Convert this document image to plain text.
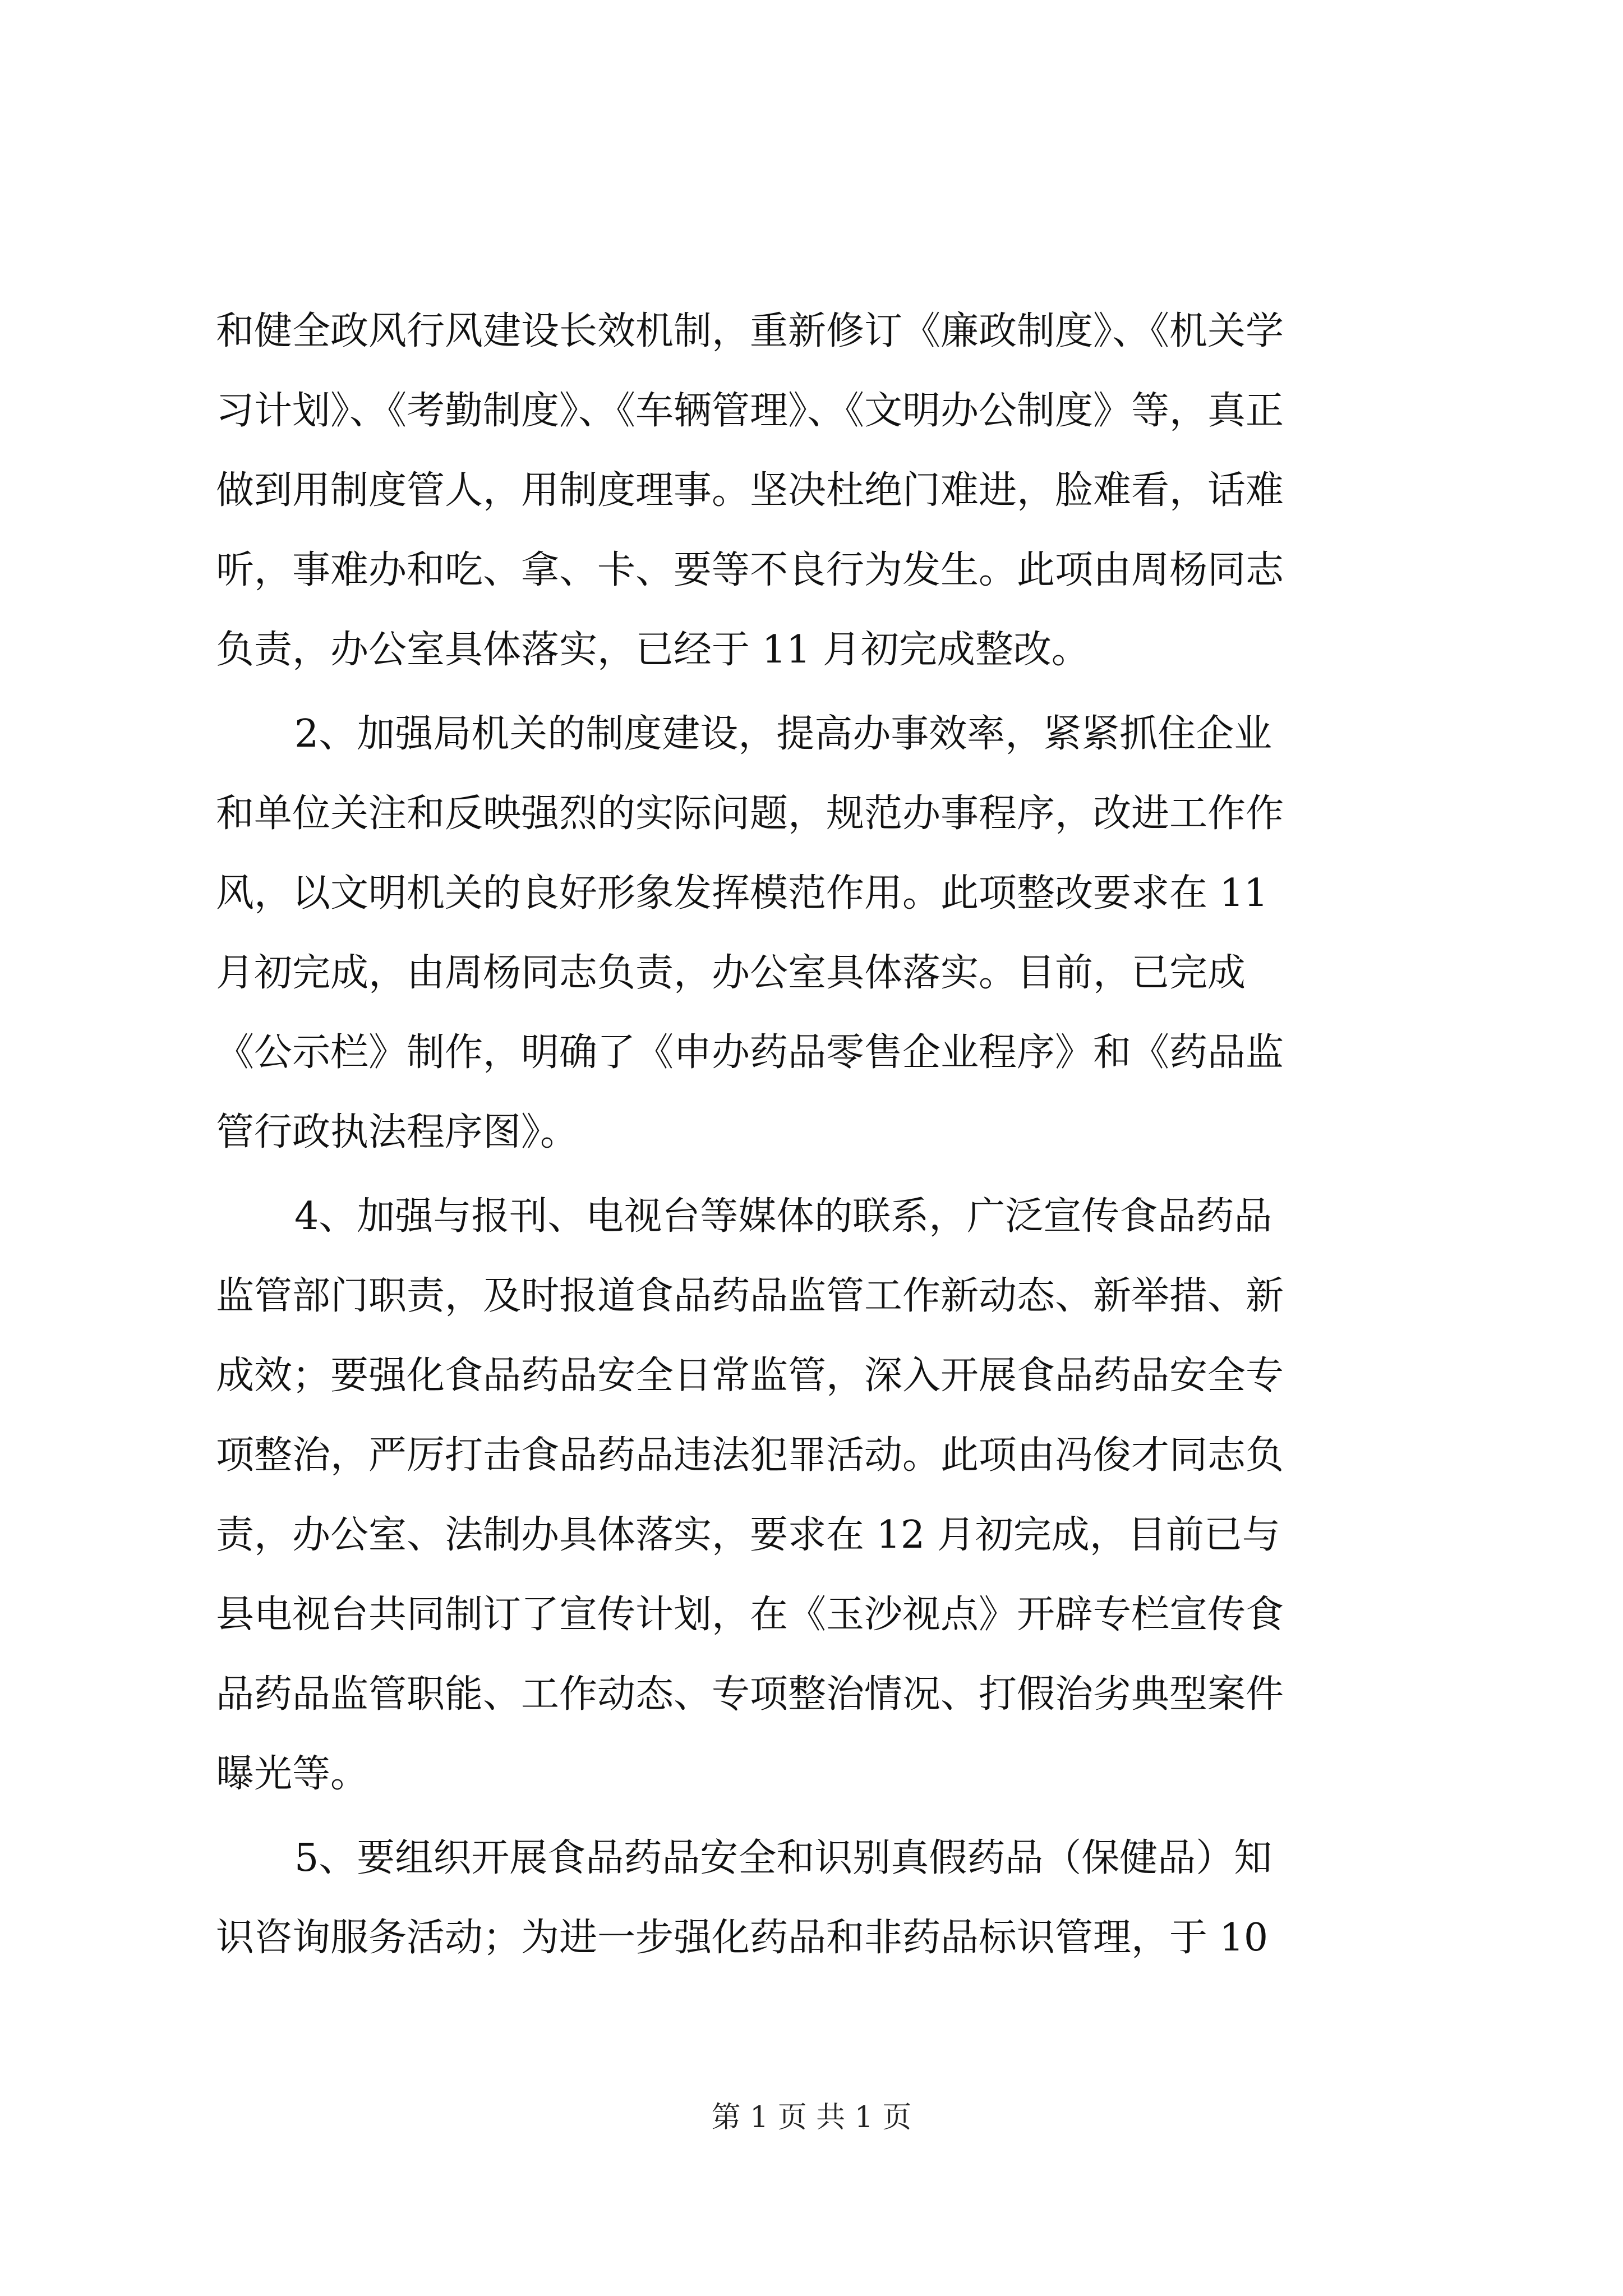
和健全政风行风建设长效机制，重新修订《廉政制度》、《机关学
习计划》、《考勤制度》、《车辆管理》、《文明办公制度》等，真正
做到用制度管人，用制度理事。坚决杜绝门难进，脸难看，话难
听，事难办和吃、拿、卡、要等不良行为发生。此项由周杨同志
负责，办公室具体落实，已经于 11 月初完成整改。
2、加强局机关的制度建设，提高办事效率，紧紧抓住企业
和单位关注和反映强烈的实际问题，规范办事程序，改进工作作
风，以文明机关的良好形象发挥模范作用。此项整改要求在 11
月初完成，由周杨同志负责，办公室具体落实。目前，已完成
《公示栏》制作，明确了《申办药品零售企业程序》和《药品监
管行政执法程序图》。
4、加强与报刊、电视台等媒体的联系，广泛宣传食品药品
监管部门职责，及时报道食品药品监管工作新动态、新举措、新
成效；要强化食品药品安全日常监管，深入开展食品药品安全专
项整治，严厉打击食品药品违法犯罪活动。此项由冯俊才同志负
责，办公室、法制办具体落实，要求在 12 月初完成，目前已与
县电视台共同制订了宣传计划，在《玉沙视点》开辟专栏宣传食
品药品监管职能、工作动态、专项整治情况、打假治劣典型案件
曝光等。
5、要组织开展食品药品安全和识别真假药品（保健品）知
识咨询服务活动；为进一步强化药品和非药品标识管理，于 10
第 1 页 共 1 页
